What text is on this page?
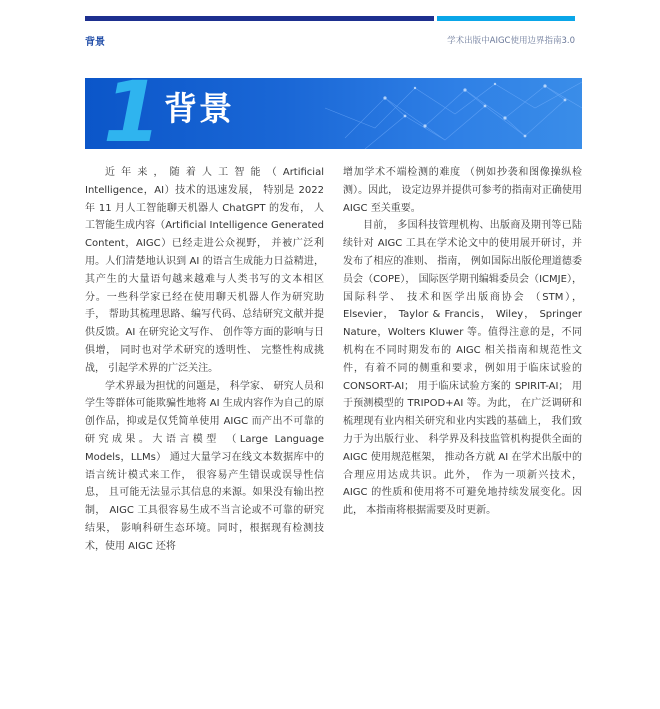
背景	学术出版中AIGC使用边界指南3.0
1 背景

近年来，随着人工智能（Artificial Intelligence，AI）技术的迅速发展， 特别是 2022 年 11 月人工智能聊天机器人 ChatGPT 的发布， 人工智能生成内容（Artificial Intelligence Generated Content，AIGC）已经走进公众视野， 并被广泛利用。人们清楚地认识到 AI 的语言生成能力日益精进， 其产生的大量语句越来越难与人类书写的文本相区分。一些科学家已经在使用聊天机器人作为研究助手， 帮助其梳理思路、编写代码、总结研究文献并提供反馈。AI 在研究论文写作、 创作等方面的影响与日俱增， 同时也对学术研究的透明性、 完整性构成挑战， 引起学术界的广泛关注。

学术界最为担忧的问题是， 科学家、 研究人员和学生等群体可能欺骗性地将 AI 生成内容作为自己的原创作品，抑或是仅凭简单使用 AIGC 而产出不可靠的研究成果。大语言模型 （Large Language Models，LLMs） 通过大量学习在线文本数据库中的语言统计模式来工作， 很容易产生错误或误导性信息， 且可能无法显示其信息的来源。如果没有输出控制， AIGC 工具很容易生成不当言论或不可靠的研究结果， 影响科研生态环境。同时，根据现有检测技术，使用 AIGC 还将

增加学术不端检测的难度 （例如抄袭和图像操纵检测）。因此， 设定边界并提供可参考的指南对正确使用 AIGC 至关重要。

目前， 多国科技管理机构、出版商及期刊等已陆续针对 AIGC 工具在学术论文中的使用展开研讨，并发布了相应的准则、 指南， 例如国际出版伦理道德委员会（COPE）， 国际医学期刊编辑委员会（ICMJE）， 国际科学、 技术和医学出版商协会 （STM）， Elsevier， Taylor & Francis， Wiley， Springer Nature，Wolters Kluwer 等。值得注意的是，不同机构在不同时期发布的 AIGC 相关指南和规范性文件，有着不同的侧重和要求，例如用于临床试验的 CONSORT-AI； 用于临床试验方案的 SPIRIT-AI； 用于预测模型的 TRIPOD+AI 等。为此， 在广泛调研和梳理现有业内相关研究和业内实践的基础上， 我们致力于为出版行业、 科学界及科技监管机构提供全面的 AIGC 使用规范框架， 推动各方就 AI 在学术出版中的合理应用达成共识。此外， 作为一项新兴技术， AIGC 的性质和使用将不可避免地持续发展变化。因此， 本指南将根据需要及时更新。
